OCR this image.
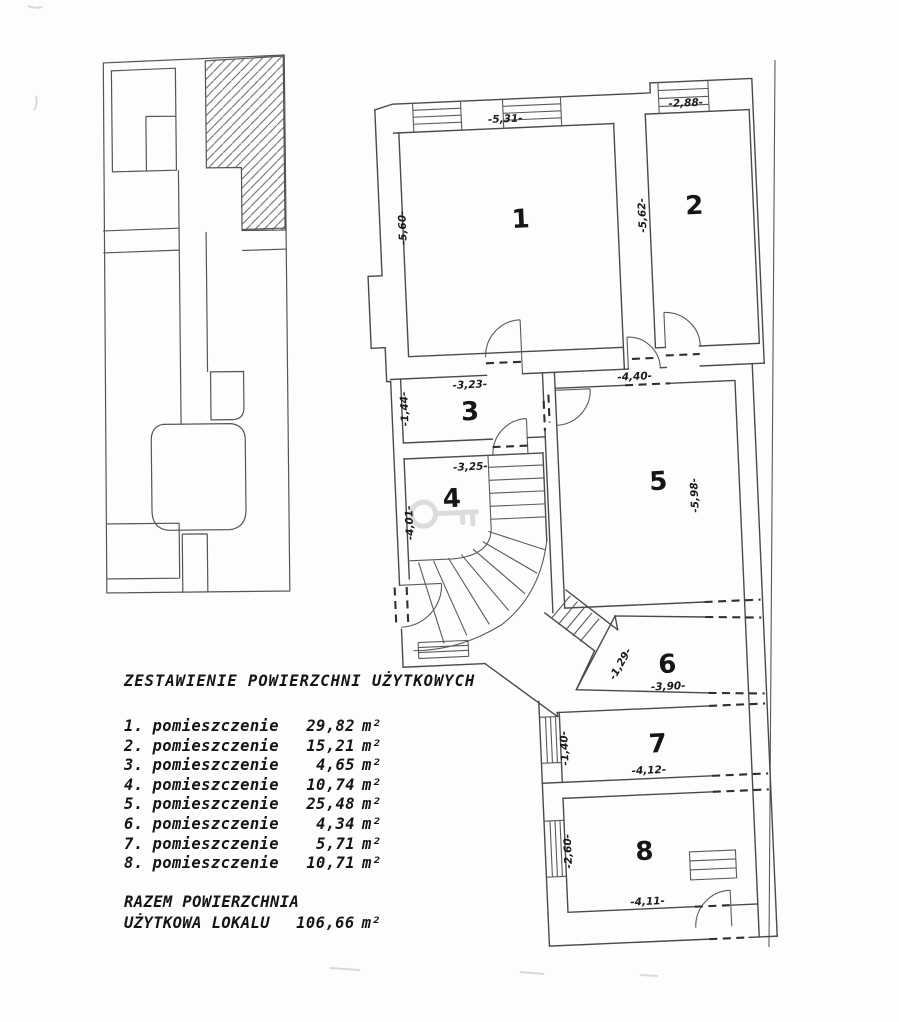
1	2
3
4
5
6
7
8
-5,31-
-5,60-
-2,88-
-5,62-
-3,23-
-1,44-
-3,25-
-4,01-
-4,40-
-5,98-
-1,29-
-3,90-
-1,40-
-4,12-
-2,60-
-4,11-
ZESTAWIENIE POWIERZCHNI UŻYTKOWYCH
1. pomieszczenie	29,82 m²
2. pomieszczenie	15,21 m²
3. pomieszczenie	4,65 m²
4. pomieszczenie	10,74 m²
5. pomieszczenie	25,48 m²
6. pomieszczenie	4,34 m²
7. pomieszczenie	5,71 m²
8. pomieszczenie	10,71 m²
RAZEM POWIERZCHNIA
UŻYTKOWA LOKALU	106,66 m²
